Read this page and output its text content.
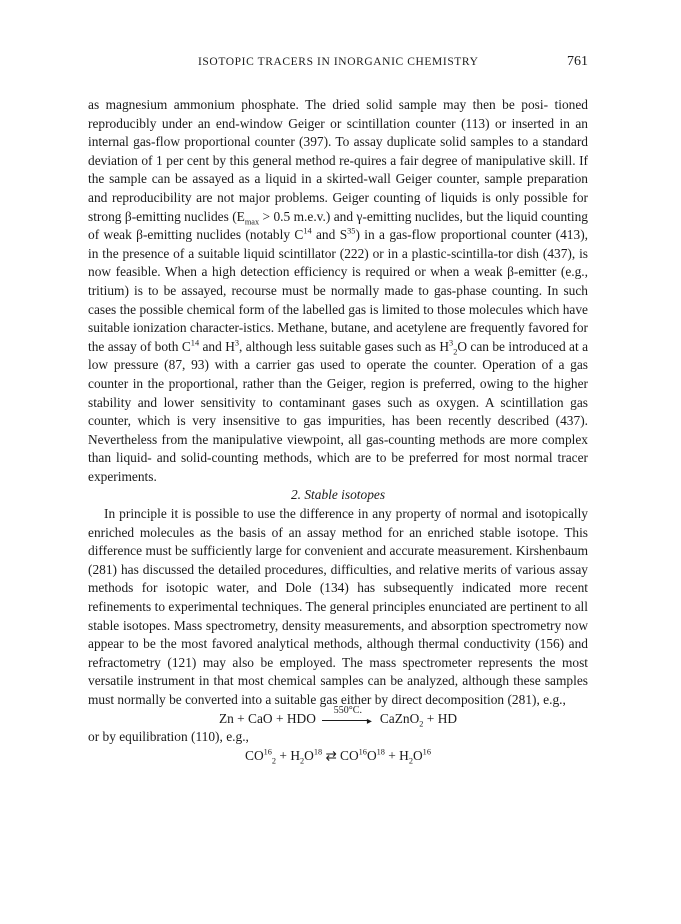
ISOTOPIC TRACERS IN INORGANIC CHEMISTRY	761

as magnesium ammonium phosphate. The dried solid sample may then be posi- tioned reproducibly under an end-window Geiger or scintillation counter (113) or inserted in an internal gas-flow proportional counter (397). To assay duplicate solid samples to a standard deviation of 1 per cent by this general method re-quires a fair degree of manipulative skill. If the sample can be assayed as a liquid in a skirted-wall Geiger counter, sample preparation and reproducibility are not major problems. Geiger counting of liquids is only possible for strong β-emitting nuclides ($E_{max} > 0.5$ m.e.v.) and γ-emitting nuclides, but the liquid counting of weak β-emitting nuclides (notably $C^{14}$ and $S^{35}$) in a gas-flow proportional counter (413), in the presence of a suitable liquid scintillator (222) or in a plastic-scintilla-tor dish (437), is now feasible. When a high detection efficiency is required or when a weak β-emitter (e.g., tritium) is to be assayed, recourse must be normally made to gas-phase counting. In such cases the possible chemical form of the labelled gas is limited to those molecules which have suitable ionization character-istics. Methane, butane, and acetylene are frequently favored for the assay of both $C^{14}$ and $H^3$, although less suitable gases such as $H^3_2O$ can be introduced at a low pressure (87, 93) with a carrier gas used to operate the counter. Operation of a gas counter in the proportional, rather than the Geiger, region is preferred, owing to the higher stability and lower sensitivity to contaminant gases such as oxygen. A scintillation gas counter, which is very insensitive to gas impurities, has been recently described (437). Nevertheless from the manipulative viewpoint, all gas-counting methods are more complex than liquid- and solid-counting methods, which are to be preferred for most normal tracer experiments.

2. Stable isotopes

In principle it is possible to use the difference in any property of normal and isotopically enriched molecules as the basis of an assay method for an enriched stable isotope. This difference must be sufficiently large for convenient and accurate measurement. Kirshenbaum (281) has discussed the detailed procedures, difficulties, and relative merits of various assay methods for isotopic water, and Dole (134) has subsequently indicated more recent refinements to experimental techniques. The general principles enunciated are pertinent to all stable isotopes. Mass spectrometry, density measurements, and absorption spectrometry now appear to be the most favored analytical methods, although thermal conductivity (156) and refractometry (121) may also be employed. The mass spectrometer represents the most versatile instrument in that most chemical samples can be analyzed, although these samples must normally be converted into a suitable gas either by direct decomposition (281), e.g.,

Zn + CaO + HDO
550°C.
▸ CaZnO$_2$ + HD

or by equilibration (110), e.g.,

$CO^{16}_2 + H_2O^{18}$ ⇄ $CO^{16}O^{18} + H_2O^{16}$
